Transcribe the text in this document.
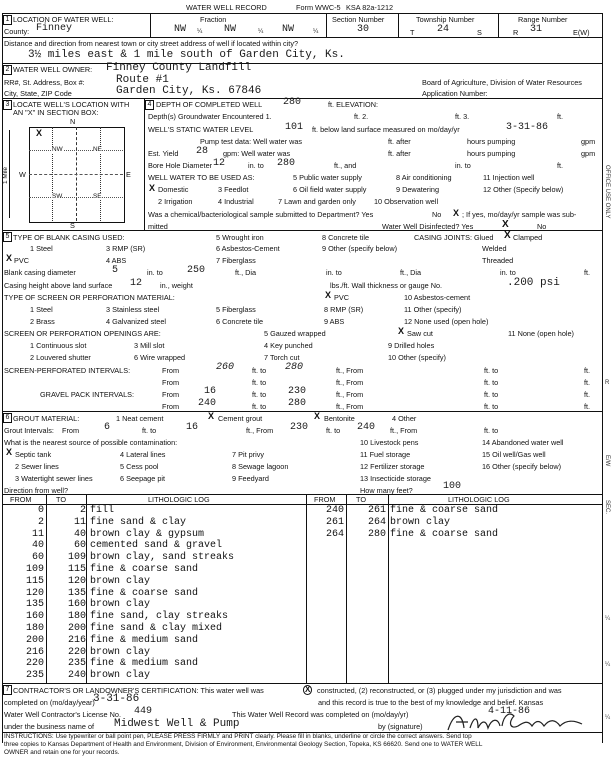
WATER WELL RECORD	Form WWC-5 KSA 82a-1212
1 LOCATION OF WATER WELL:
County: Finney
Fraction
NW ¼ NW	¼ NW	¼
Section Number
30
Township Number
T 24	S
Range Number
R 31	E(W)
Distance and direction from nearest town or city street address of well if located within city?
3½ miles east & 1 mile south of Garden City, Ks.
2 WATER WELL OWNER: Finney County Landfill
RR#, St. Address, Box #:	Route #1	Board of Agriculture, Division of Water Resources
City, State, ZIP Code	Garden City, Ks. 67846	Application Number:
3 LOCATE WELL'S LOCATION WITH
AN "X" IN SECTION BOX:
N
S
W	E
X
NW	NE
SW	SE
1 Mile
4 DEPTH OF COMPLETED WELL 280	ft. ELEVATION:
Depth(s) Groundwater Encountered 1.	ft. 2.	ft. 3.	ft.
WELL'S STATIC WATER LEVEL	101 ft. below land surface measured on mo/day/yr	3-31-86
Pump test data: Well water was	ft. after	hours pumping	gpm
Est. Yield 28 gpm: Well water was	ft. after	hours pumping	gpm
Bore Hole Diameter 12	in. to 280	ft., and	in. to	ft.
WELL WATER TO BE USED AS:	5 Public water supply	8 Air conditioning	11 Injection well
X Domestic	3 Feedlot	6 Oil field water supply	9 Dewatering	12 Other (Specify below)
2 Irrigation	4 Industrial	7 Lawn and garden only 10 Observation well
Was a chemical/bacteriological sample submitted to Department? Yes	X ; If yes, mo/day/yr sample was sub-
No
mitted	Water Well Disinfected? Yes	X	No
5 TYPE OF BLANK CASING USED:	5 Wrought iron	8 Concrete tile	CASING JOINTS: Glued X Clamped
1 Steel	3 RMP (SR)	6 Asbestos-Cement	9 Other (specify below)	Welded
X PVC	4 ABS	7 Fiberglass	Threaded
Blank casing diameter	5	in. to 250	ft., Dia	in. to	ft., Dia	in. to	ft.
Casing height above land surface 12 in., weight	lbs./ft. Wall thickness or gauge No.	.200 psi
TYPE OF SCREEN OR PERFORATION MATERIAL:	X PVC	10 Asbestos-cement
1 Steel	3 Stainless steel	5 Fiberglass	8 RMP (SR)	11 Other (specify)
2 Brass	4 Galvanized steel	6 Concrete tile	9 ABS	12 None used (open hole)
SCREEN OR PERFORATION OPENINGS ARE:	5 Gauzed wrapped	X Saw cut	11 None (open hole)
1 Continuous slot	3 Mill slot	4 Key punched	9 Drilled holes
2 Louvered shutter	6 Wire wrapped	7 Torch cut	10 Other (specify)
SCREEN-PERFORATED INTERVALS:	From	260 ft. to 280	ft., From	ft. to	ft.
From	ft. to	ft., From	ft. to	ft.
GRAVEL PACK INTERVALS:	From 16	ft. to 230	ft., From	ft. to	ft.
From 240	ft. to 280	ft., From	ft. to	ft.
6 GROUT MATERIAL:	1 Neat cement	X Cement grout	X Bentonite	4 Other
Grout Intervals: From 6	ft. to	16	ft., From 230 ft. to 240 ft., From	ft. to
What is the nearest source of possible contamination:	10 Livestock pens	14 Abandoned water well
X Septic tank	4 Lateral lines	7 Pit privy	11 Fuel storage	15 Oil well/Gas well
2 Sewer lines	5 Cess pool	8 Sewage lagoon	12 Fertilizer storage	16 Other (specify below)
3 Watertight sewer lines	6 Seepage pit	9 Feedyard	13 Insecticide storage
Direction from well?	How many feet?	100
FROM	TO	LITHOLOGIC LOG	FROM	TO	LITHOLOGIC LOG
0	2 fill
2	11 fine sand & clay
11	40 brown clay & gypsum
40	60 cemented sand & gravel
60	109 brown clay, sand streaks
109	115 fine & coarse sand
115	120 brown clay
120	135 fine & coarse sand
135	160 brown clay
160	180 fine sand, clay streaks
180	200 fine sand & clay mixed
200	216 fine & medium sand
216	220 brown clay
220	235 fine & medium sand
235	240 brown clay
240	261 fine & coarse sand
261	264 brown clay
264	280 fine & coarse sand
7 CONTRACTOR'S OR LANDOWNER'S CERTIFICATION: This water well was	X constructed, (2) reconstructed, or (3) plugged under my jurisdiction and was
completed on (mo/day/year)
3-31-86	and this record is true to the best of my knowledge and belief. Kansas
Water Well Contractor's License No. 449	This Water Well Record was completed on (mo/day/yr)	4-11-86
under the business name of Midwest Well & Pump	by (signature)
INSTRUCTIONS: Use typewriter or ball point pen, PLEASE PRESS FIRMLY and PRINT clearly. Please fill in blanks, underline or circle the correct answers. Send top
three copies to Kansas Department of Health and Environment, Division of Environment, Environmental Geology Section, Topeka, KS 66620. Send one to WATER WELL
OWNER and retain one for your records.
OFFICE USE ONLY
E/W
SEC.
R
¼
¼
¼
